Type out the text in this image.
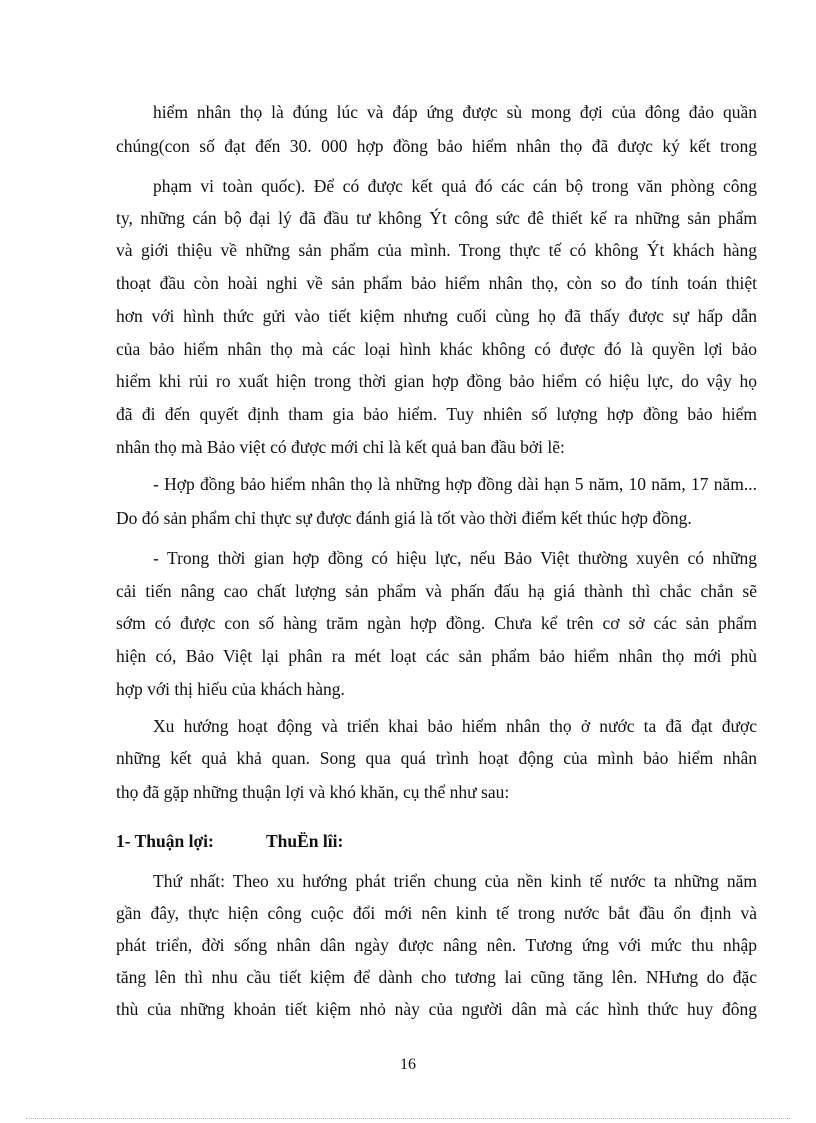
hiểm nhân thọ là đúng lúc và đáp ứng được sù mong đợi của đông đảo quần
chúng(con số đạt đến 30. 000 hợp đồng bảo hiểm nhân thọ đã được ký kết trong
phạm vi toàn quốc). Để có được kết quả đó các cán bộ trong văn phòng công
ty, những cán bộ đại lý đã đầu tư không Ýt công sức đê thiết kế ra những sản phẩm
và giới thiệu về những sản phẩm của mình. Trong thực tế có không Ýt khách hàng
thoạt đầu còn hoài nghi về sản phẩm bảo hiểm nhân thọ, còn so đo tính toán thiệt
hơn với hình thức gửi vào tiết kiệm nhưng cuối cùng họ đã thấy được sự hấp dẫn
của bảo hiểm nhân thọ mà các loại hình khác không có được đó là quyền lợi bảo
hiểm khi rủi ro xuất hiện trong thời gian hợp đồng bảo hiểm có hiệu lực, do vậy họ
đã đi đến quyết định tham gia bảo hiểm. Tuy nhiên số lượng hợp đồng bảo hiểm
nhân thọ mà Bảo việt có được mới chỉ là kết quả ban đầu bởi lẽ:
- Hợp đồng bảo hiểm nhân thọ là những hợp đồng dài hạn 5 năm, 10 năm, 17 năm...
Do đó sản phẩm chỉ thực sự được đánh giá là tốt vào thời điểm kết thúc hợp đồng.
- Trong thời gian hợp đồng có hiệu lực, nếu Bảo Việt thường xuyên có những
cải tiến nâng cao chất lượng sản phẩm và phấn đấu hạ giá thành thì chắc chắn sẽ
sớm có được con số hàng trăm ngàn hợp đồng. Chưa kể trên cơ sở các sản phẩm
hiện có, Bảo Việt lại phân ra mét loạt các sản phẩm bảo hiểm nhân thọ mới phù
hợp với thị hiếu của khách hàng.
Xu hướng hoạt động và triển khai bảo hiểm nhân thọ ở nước ta đã đạt được
những kết quả khả quan. Song qua quá trình hoạt động của mình bảo hiểm nhân
thọ đã gặp những thuận lợi và khó khăn, cụ thể như sau:
1- Thuận lợi:	ThuËn lîi:
Thứ nhất: Theo xu hướng phát triển chung của nền kinh tế nước ta những năm
gần đây, thực hiện công cuộc đổi mới nên kinh tế trong nước bắt đầu ổn định và
phát triển, đời sống nhân dân ngày được nâng nên. Tương ứng với mức thu nhập
tăng lên thì nhu cầu tiết kiệm để dành cho tương lai cũng tăng lên. NHưng do đặc
thù của những khoản tiết kiệm nhỏ này của người dân mà các hình thức huy đông
16
